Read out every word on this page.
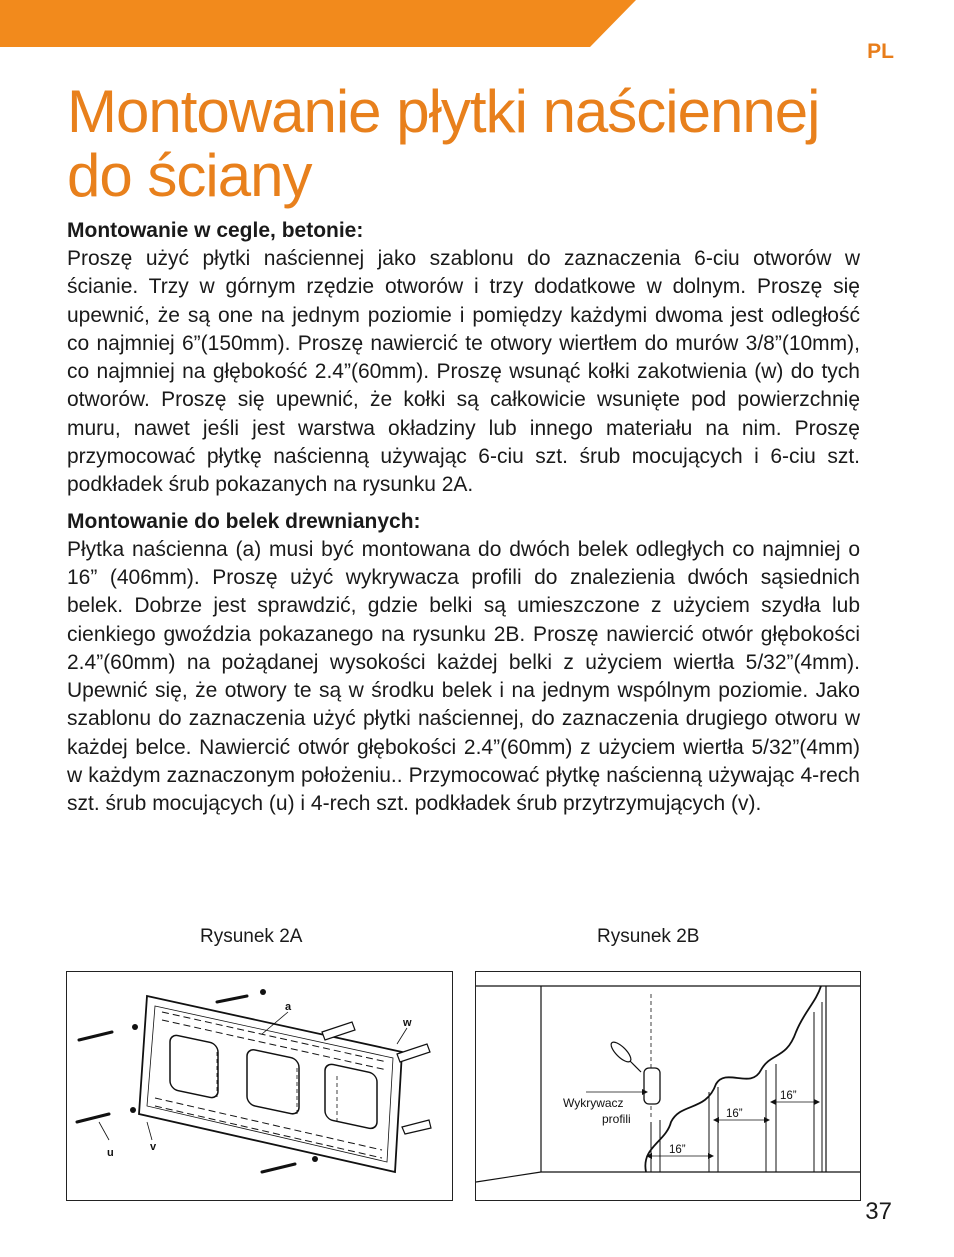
PL
Montowanie płytki naściennej do ściany

Montowanie w cegle, betonie:

Proszę użyć płytki naściennej jako szablonu do zaznaczenia 6-ciu otworów w ścianie. Trzy w górnym rzędzie otworów i trzy dodatkowe w dolnym. Proszę się upewnić, że są one na jednym poziomie i pomiędzy każdymi dwoma jest odległość co najmniej 6”(150mm). Proszę nawiercić te otwory wiertłem do murów 3/8”(10mm), co najmniej na głębokość 2.4”(60mm). Proszę wsunąć kołki zakotwienia (w) do tych otworów. Proszę się upewnić, że kołki są całkowicie wsunięte pod powierzchnię muru, nawet jeśli jest warstwa okładziny lub innego materiału na nim. Proszę przymocować płytkę naścienną używając 6-ciu szt. śrub mocujących i 6-ciu szt. podkładek śrub pokazanych na rysunku 2A.

Montowanie do belek drewnianych:

Płytka naścienna (a) musi być montowana do dwóch belek odległych co najmniej o 16” (406mm). Proszę użyć wykrywacza profili do znalezienia dwóch sąsiednich belek. Dobrze jest sprawdzić, gdzie belki są umieszczone z użyciem szydła lub cienkiego gwoździa pokazanego na rysunku 2B. Proszę nawiercić otwór głębokości 2.4”(60mm) na pożądanej wysokości każdej belki z użyciem wiertła 5/32”(4mm). Upewnić się, że otwory te są w środku belek i na jednym wspólnym poziomie. Jako szablonu do zaznaczenia użyć płytki naściennej, do zaznaczenia drugiego otworu w każdej belce. Nawiercić otwór głębokości 2.4”(60mm) z użyciem wiertła 5/32”(4mm) w każdym zaznaczonym położeniu.. Przymocować płytkę naścienną używając 4-rech szt. śrub mocujących (u) i 4-rech szt. podkładek śrub przytrzymujących (v).

Rysunek 2A	Rysunek 2B
a
w
u	v	16”
16”
16”
Wykrywacz
profili
37
